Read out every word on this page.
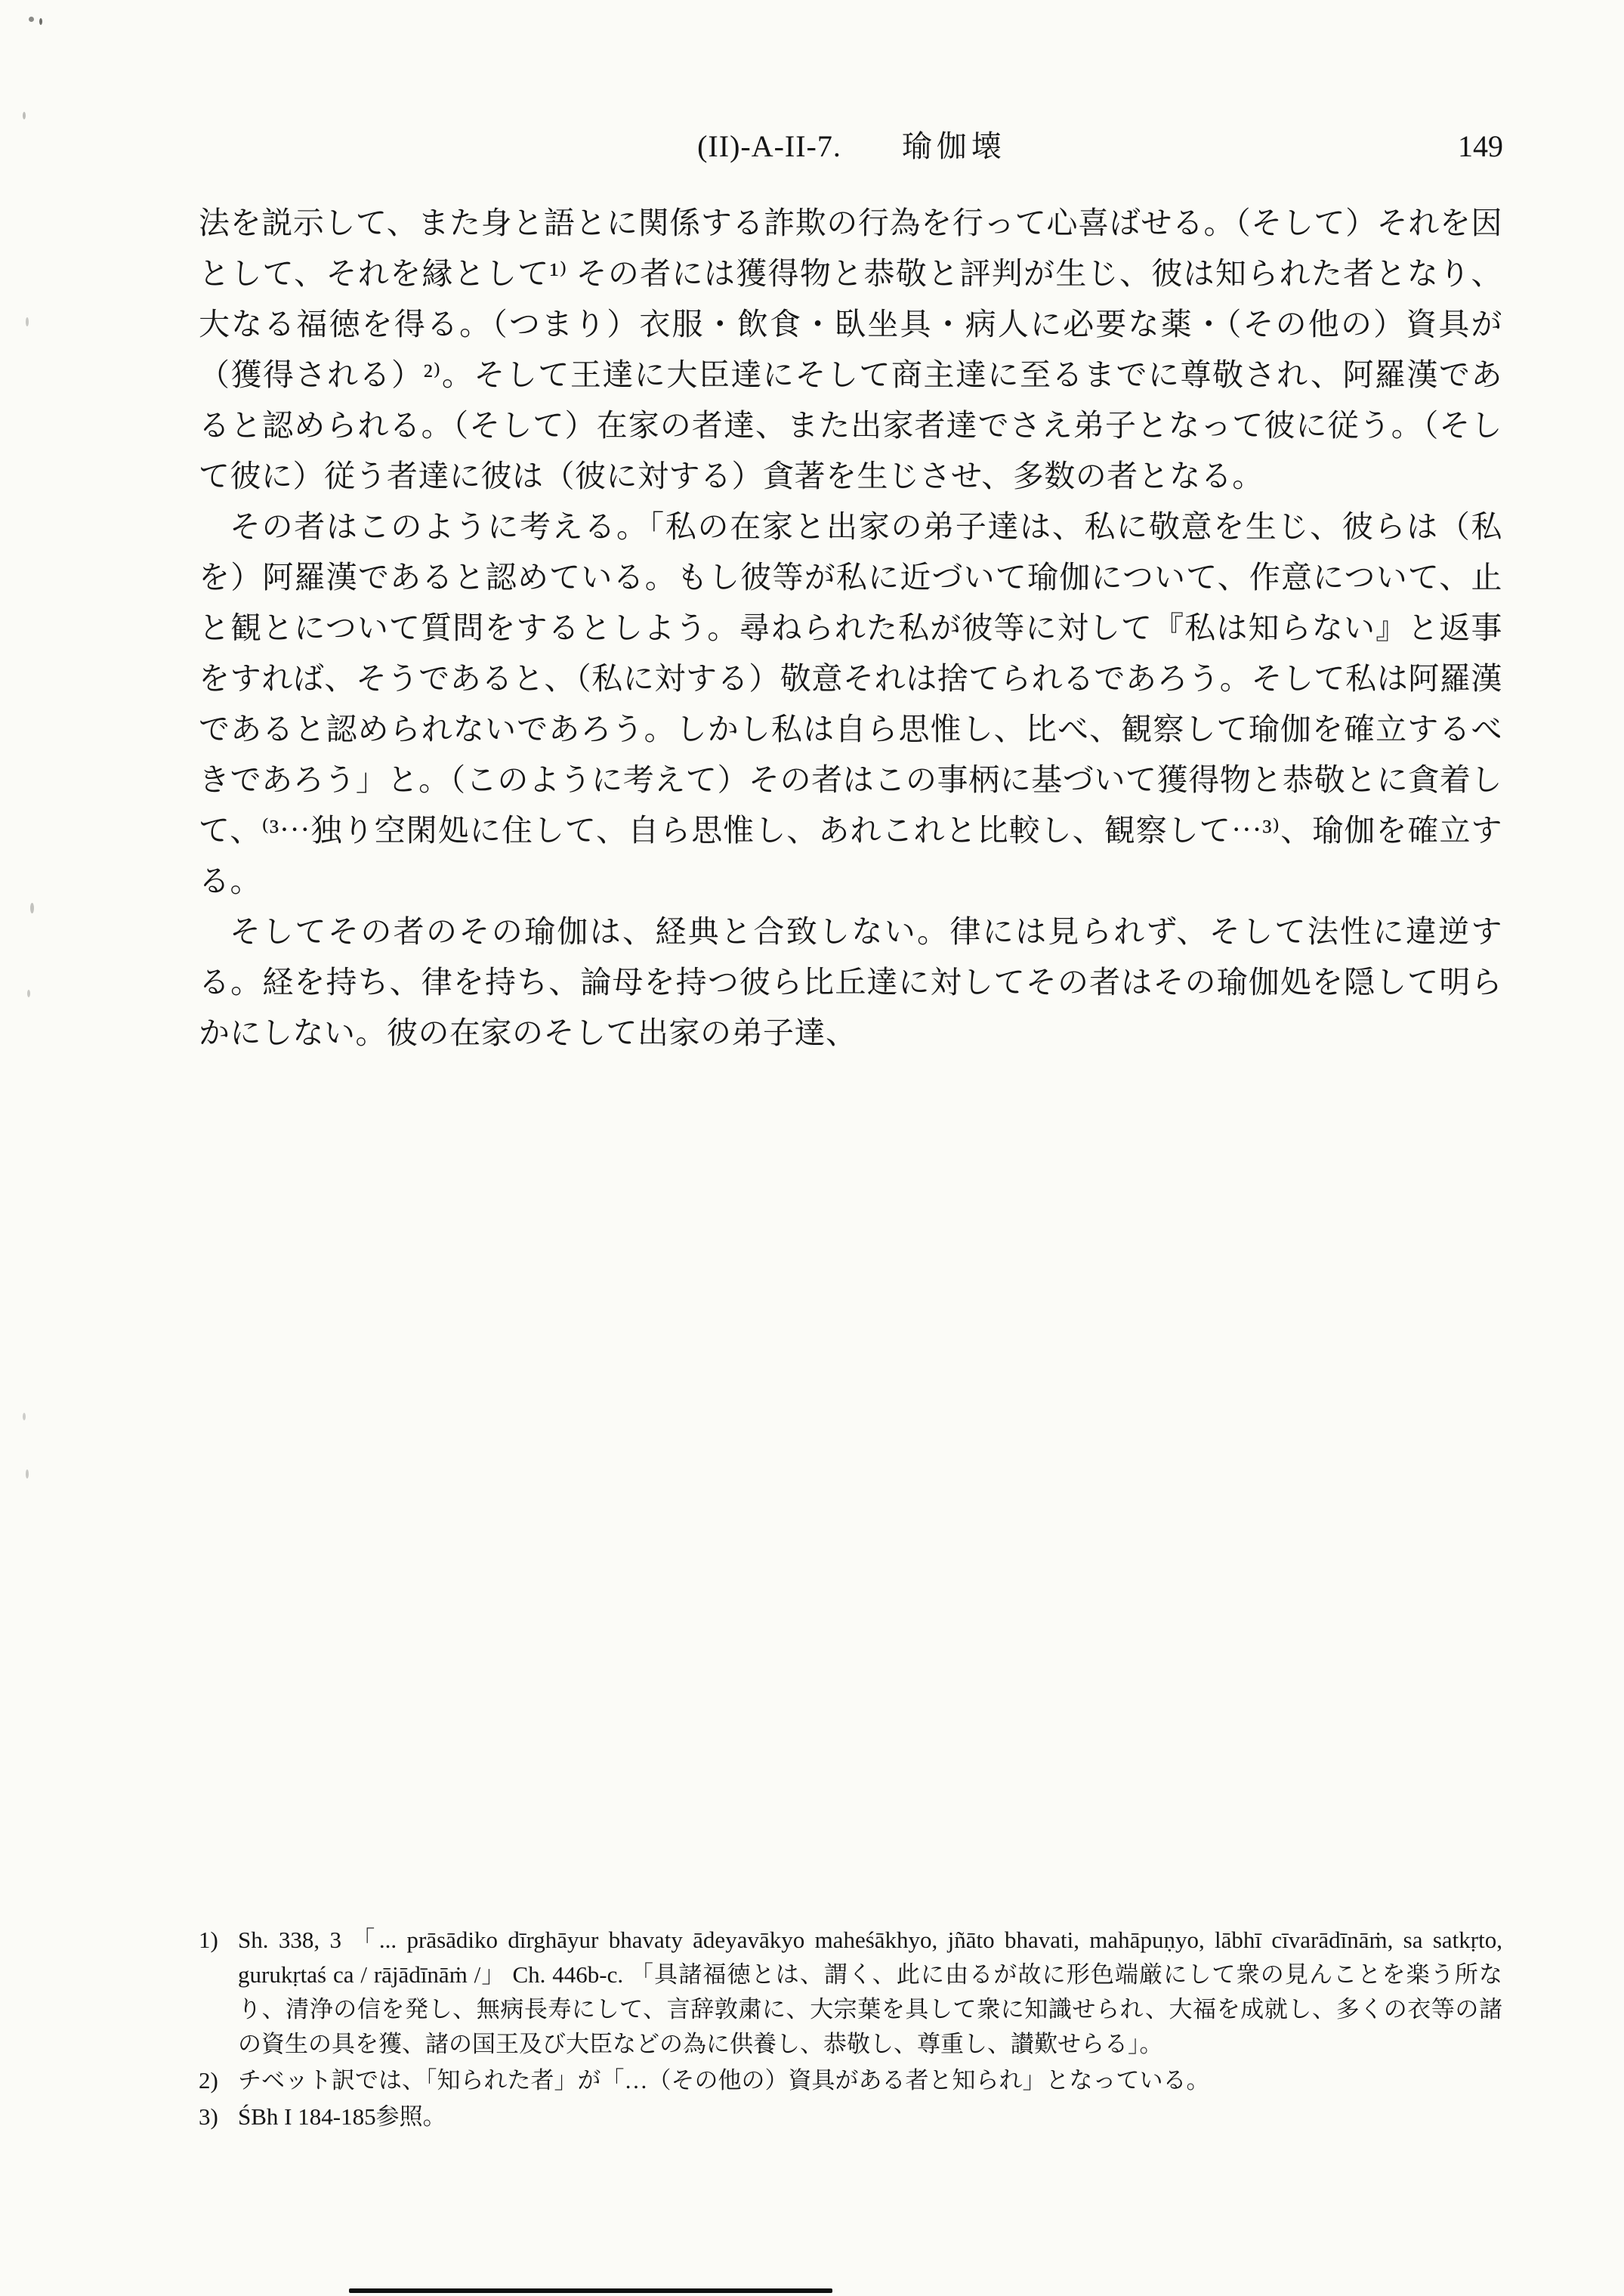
(II)-A-II-7. 瑜伽壊	149

法を説示して、また身と語とに関係する詐欺の行為を行って心喜ばせる。（そして）それを因として、それを縁として¹⁾ その者には獲得物と恭敬と評判が生じ、彼は知られた者となり、大なる福徳を得る。（つまり）衣服・飲食・臥坐具・病人に必要な薬・（その他の）資具が（獲得される）²⁾。そして王達に大臣達にそして商主達に至るまでに尊敬され、阿羅漢であると認められる。（そして）在家の者達、また出家者達でさえ弟子となって彼に従う。（そして彼に）従う者達に彼は（彼に対する）貪著を生じさせ、多数の者となる。

その者はこのように考える。「私の在家と出家の弟子達は、私に敬意を生じ、彼らは（私を）阿羅漢であると認めている。もし彼等が私に近づいて瑜伽について、作意について、止と観とについて質問をするとしよう。尋ねられた私が彼等に対して『私は知らない』と返事をすれば、そうであると、（私に対する）敬意それは捨てられるであろう。そして私は阿羅漢であると認められないであろう。しかし私は自ら思惟し、比べ、観察して瑜伽を確立するべきであろう」と。（このように考えて）その者はこの事柄に基づいて獲得物と恭敬とに貪着して、⁽³⋯独り空閑処に住して、自ら思惟し、あれこれと比較し、観察して⋯³⁾、瑜伽を確立する。

そしてその者のその瑜伽は、経典と合致しない。律には見られず、そして法性に違逆する。経を持ち、律を持ち、論母を持つ彼ら比丘達に対してその者はその瑜伽処を隠して明らかにしない。彼の在家のそして出家の弟子達、

1) Sh. 338, 3 「... prāsādiko dīrghāyur bhavaty ādeyavākyo maheśākhyo, jñāto bhavati, mahāpuṇyo, lābhī cīvarādīnāṁ, sa satkṛto, gurukṛtaś ca / rājādīnāṁ /」 Ch. 446b-c. 「具諸福徳とは、謂く、此に由るが故に形色端厳にして衆の見んことを楽う所なり、清浄の信を発し、無病長寿にして、言辞敦粛に、大宗葉を具して衆に知識せられ、大福を成就し、多くの衣等の諸の資生の具を獲、諸の国王及び大臣などの為に供養し、恭敬し、尊重し、讃歎せらる」。
2) チベット訳では、「知られた者」が「…（その他の）資具がある者と知られ」となっている。
3) ŚBh I 184-185参照。
